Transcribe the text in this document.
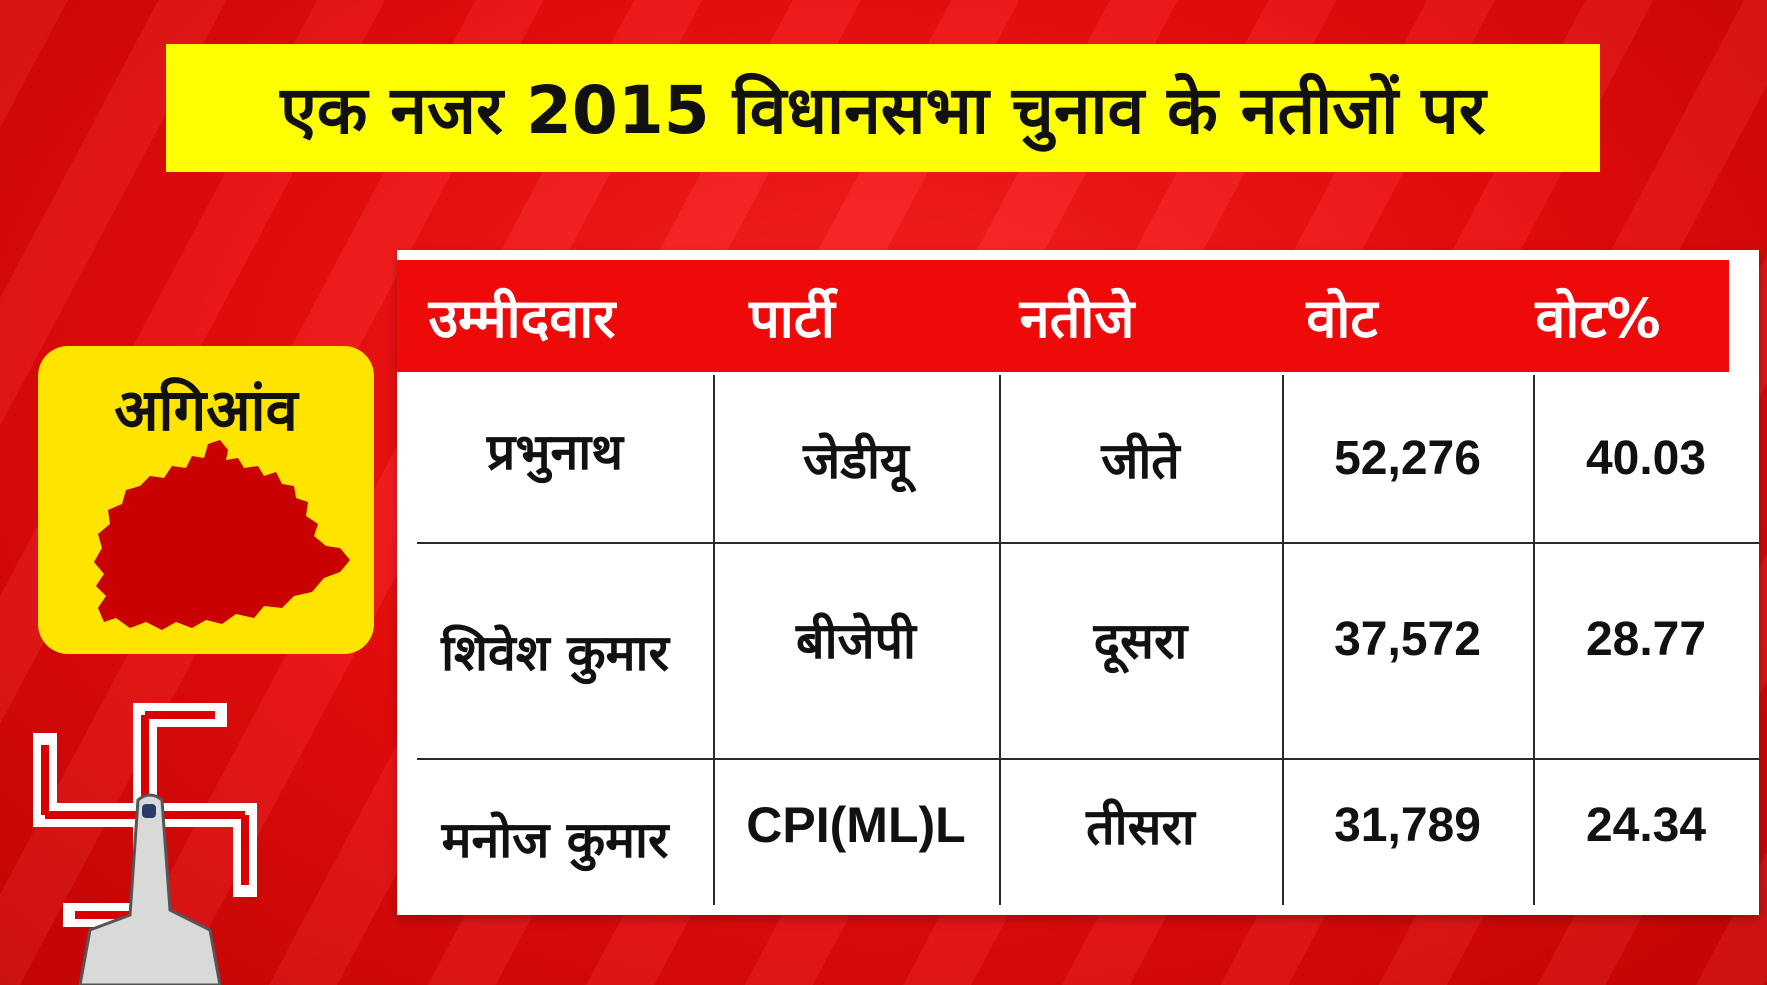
एक नजर 2015 विधानसभा चुनाव के नतीजों पर
अगिआंव
उम्मीदवार	पार्टी	नतीजे	वोट	वोट%
प्रभुनाथ	जेडीयू	जीते	52,276	40.03
शिवेश कुमार	बीजेपी	दूसरा	37,572	28.77
मनोज कुमार	CPI(ML)L	तीसरा	31,789	24.34
